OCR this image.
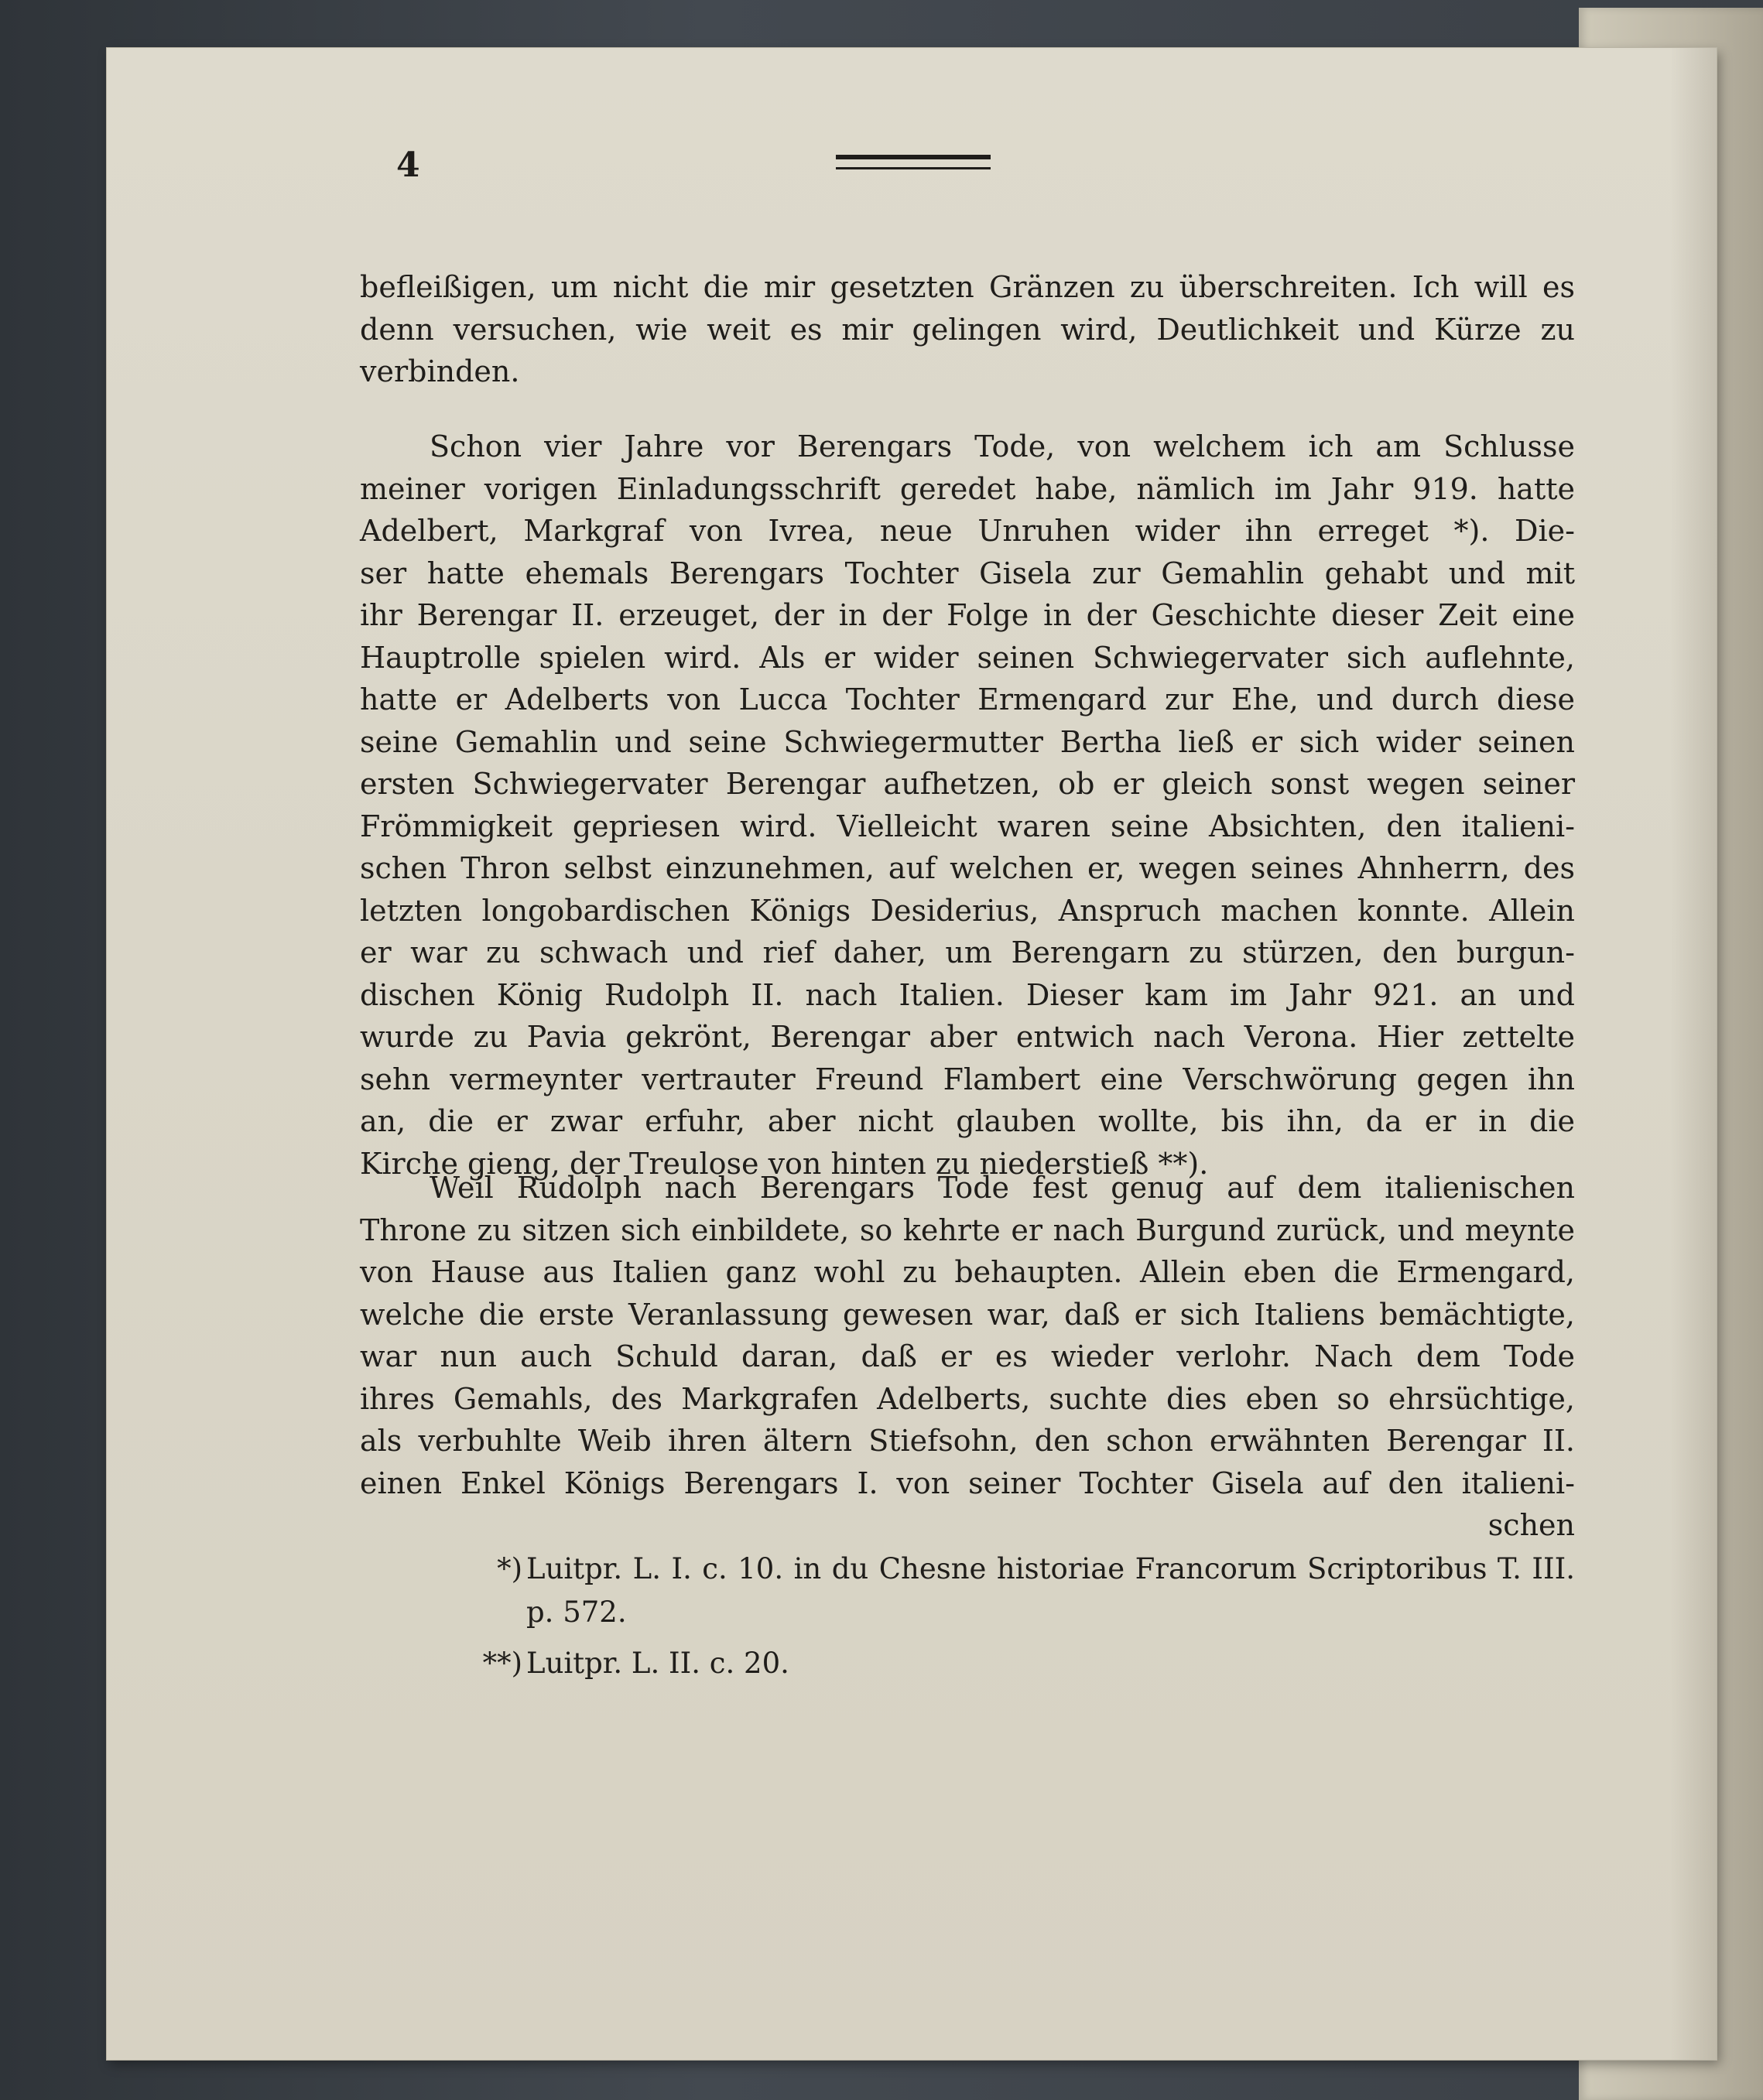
4
befleißigen, um nicht die mir gesetzten Gränzen zu überschreiten. Ich will es
denn versuchen, wie weit es mir gelingen wird, Deutlichkeit und Kürze zu
verbinden.
Schon vier Jahre vor Berengars Tode, von welchem ich am Schlusse
meiner vorigen Einladungsschrift geredet habe, nämlich im Jahr 919. hatte
Adelbert, Markgraf von Ivrea, neue Unruhen wider ihn erreget *). Die-
ser hatte ehemals Berengars Tochter Gisela zur Gemahlin gehabt und mit
ihr Berengar II. erzeuget, der in der Folge in der Geschichte dieser Zeit eine
Hauptrolle spielen wird. Als er wider seinen Schwiegervater sich auflehnte,
hatte er Adelberts von Lucca Tochter Ermengard zur Ehe, und durch diese
seine Gemahlin und seine Schwiegermutter Bertha ließ er sich wider seinen
ersten Schwiegervater Berengar aufhetzen, ob er gleich sonst wegen seiner
Frömmigkeit gepriesen wird. Vielleicht waren seine Absichten, den italieni-
schen Thron selbst einzunehmen, auf welchen er, wegen seines Ahnherrn, des
letzten longobardischen Königs Desiderius, Anspruch machen konnte. Allein
er war zu schwach und rief daher, um Berengarn zu stürzen, den burgun-
dischen König Rudolph II. nach Italien. Dieser kam im Jahr 921. an und
wurde zu Pavia gekrönt, Berengar aber entwich nach Verona. Hier zettelte
sehn vermeynter vertrauter Freund Flambert eine Verschwörung gegen ihn
an, die er zwar erfuhr, aber nicht glauben wollte, bis ihn, da er in die
Kirche gieng, der Treulose von hinten zu niederstieß **).
Weil Rudolph nach Berengars Tode fest genug auf dem italienischen
Throne zu sitzen sich einbildete, so kehrte er nach Burgund zurück, und meynte
von Hause aus Italien ganz wohl zu behaupten. Allein eben die Ermengard,
welche die erste Veranlassung gewesen war, daß er sich Italiens bemächtigte,
war nun auch Schuld daran, daß er es wieder verlohr. Nach dem Tode
ihres Gemahls, des Markgrafen Adelberts, suchte dies eben so ehrsüchtige,
als verbuhlte Weib ihren ältern Stiefsohn, den schon erwähnten Berengar II.
einen Enkel Königs Berengars I. von seiner Tochter Gisela auf den italieni-
schen
*) Luitpr. L. I. c. 10. in du Chesne historiae Francorum Scriptoribus T. III.
p. 572.
**) Luitpr. L. II. c. 20.
